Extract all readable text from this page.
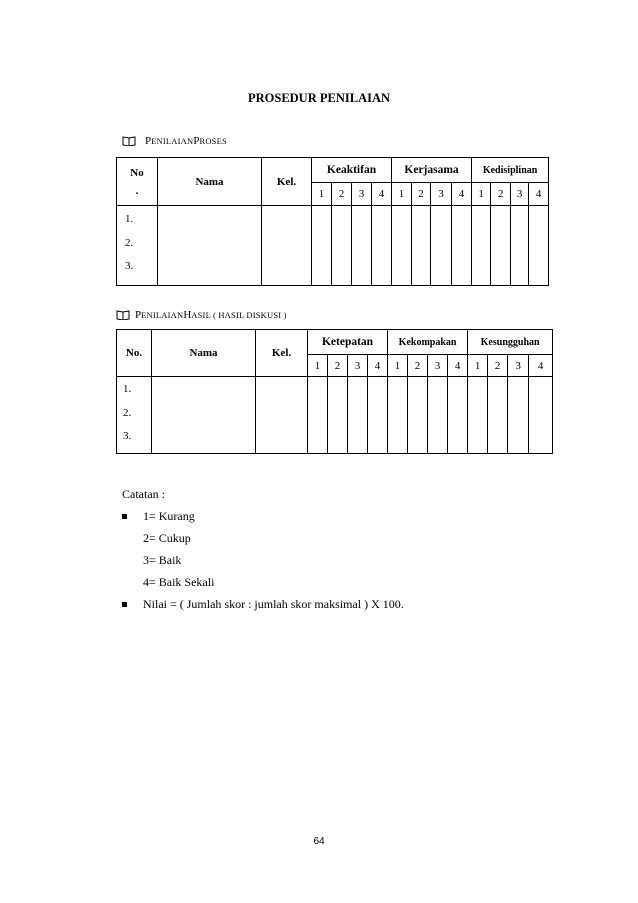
PROSEDUR PENILAIAN
P ENILAIAN P ROSES
No
.	Nama	Kel.	Keaktifan				Kerjasama				Kedisiplinan			
			1	2	3	4	1	2	3	4	1	2	3	4

1.
2.
3.														

P ENILAIAN H ASIL ( HASIL DISKUSI )
No.	Nama	Kel.	Ketepatan				Kekompakan				Kesungguhan			
			1	2	3	4	1	2	3	4	1	2	3	4

1.
2.
3.														

Catatan :
1= Kurang
2= Cukup
3= Baik
4= Baik Sekali
Nilai = ( Jumlah skor : jumlah skor maksimal ) X 100.
64
